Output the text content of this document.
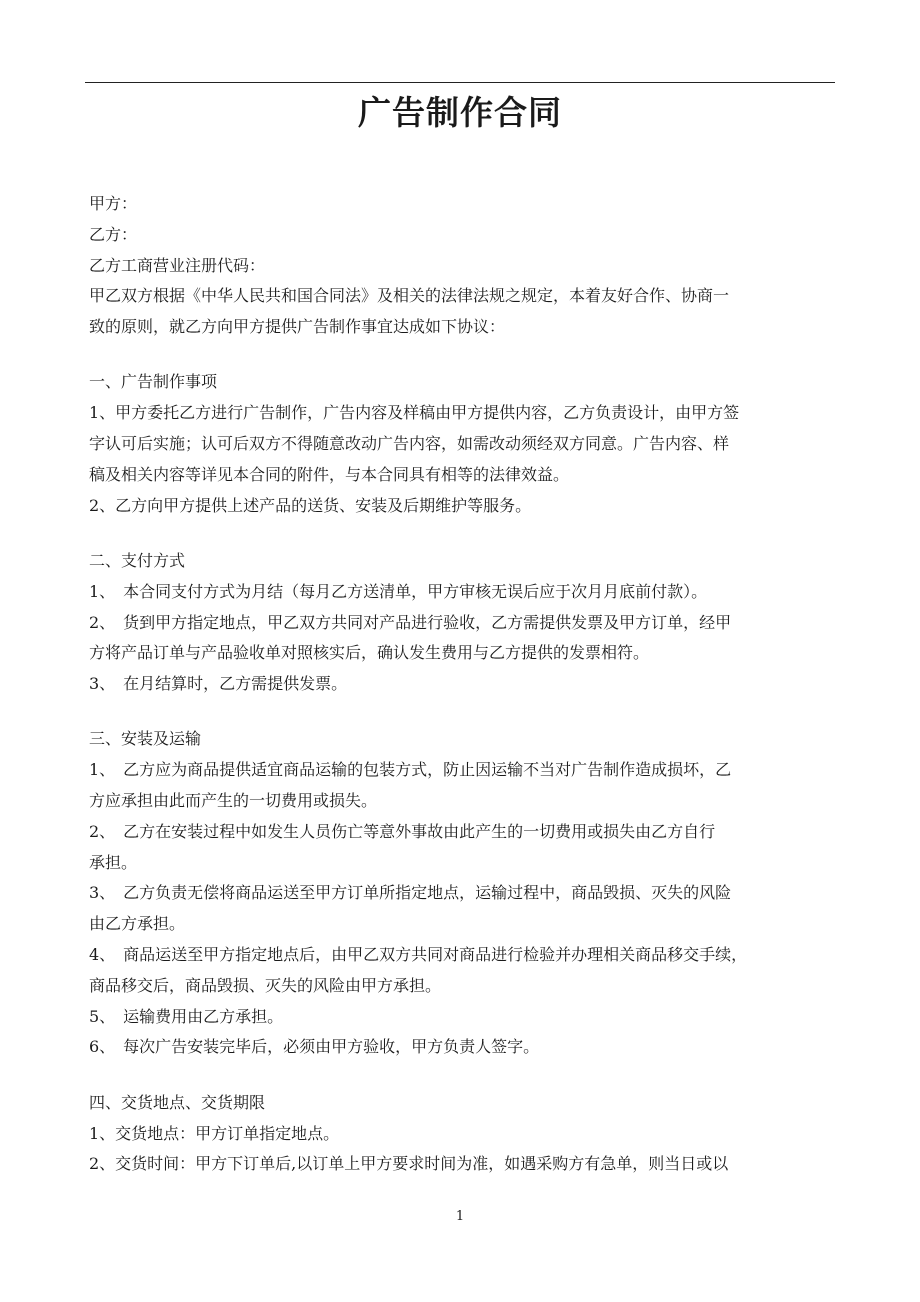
广告制作合同
甲方：
乙方：
乙方工商营业注册代码：
甲乙双方根据《中华人民共和国合同法》及相关的法律法规之规定，本着友好合作、协商一
致的原则，就乙方向甲方提供广告制作事宜达成如下协议：
一、广告制作事项
1、甲方委托乙方进行广告制作，广告内容及样稿由甲方提供内容，乙方负责设计，由甲方签
字认可后实施；认可后双方不得随意改动广告内容，如需改动须经双方同意。广告内容、样
稿及相关内容等详见本合同的附件，与本合同具有相等的法律效益。
2、乙方向甲方提供上述产品的送货、安装及后期维护等服务。
二、支付方式
1、　本合同支付方式为月结（每月乙方送清单，甲方审核无误后应于次月月底前付款）。
2、　货到甲方指定地点，甲乙双方共同对产品进行验收，乙方需提供发票及甲方订单，经甲
方将产品订单与产品验收单对照核实后，确认发生费用与乙方提供的发票相符。
3、　在月结算时，乙方需提供发票。
三、安装及运输
1、　乙方应为商品提供适宜商品运输的包装方式，防止因运输不当对广告制作造成损坏，乙
方应承担由此而产生的一切费用或损失。
2、　乙方在安装过程中如发生人员伤亡等意外事故由此产生的一切费用或损失由乙方自行
承担。
3、　乙方负责无偿将商品运送至甲方订单所指定地点，运输过程中，商品毁损、灭失的风险
由乙方承担。
4、　商品运送至甲方指定地点后，由甲乙双方共同对商品进行检验并办理相关商品移交手续，
商品移交后，商品毁损、灭失的风险由甲方承担。
5、　运输费用由乙方承担。
6、　每次广告安装完毕后，必须由甲方验收，甲方负责人签字。
四、交货地点、交货期限
1、交货地点：甲方订单指定地点。
2、交货时间：甲方下订单后,以订单上甲方要求时间为准，如遇采购方有急单，则当日或以
1
